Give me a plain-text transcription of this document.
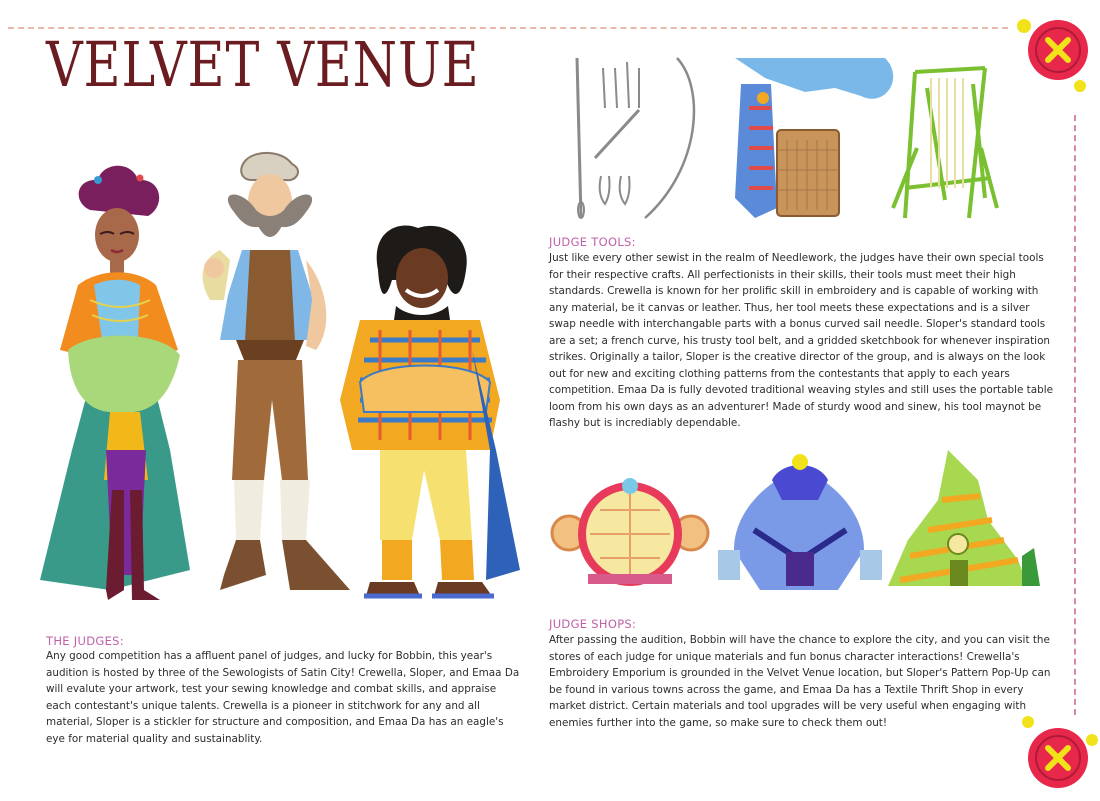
VELVET VENUE
JUDGE TOOLS:

Just like every other sewist in the realm of Needlework, the judges have their own special tools for their respective crafts. All perfectionists in their skills, their tools must meet their high standards. Crewella is known for her prolific skill in embroidery and is capable of working with any material, be it canvas or leather. Thus, her tool meets these expectations and is a silver swap needle with interchangable parts with a bonus curved sail needle. Sloper's standard tools are a set; a french curve, his trusty tool belt, and a gridded sketchbook for whenever inspiration strikes. Originally a tailor, Sloper is the creative director of the group, and is always on the look out for new and exciting clothing patterns from the contestants that apply to each years competition. Emaa Da is fully devoted traditional weaving styles and still uses the portable table loom from his own days as an adventurer! Made of sturdy wood and sinew, his tool maynot be flashy but is incrediably dependable.

JUDGE SHOPS:

After passing the audition, Bobbin will have the chance to explore the city, and you can visit the stores of each judge for unique materials and fun bonus character interactions! Crewella's Embroidery Emporium is grounded in the Velvet Venue location, but Sloper's Pattern Pop-Up can be found in various towns across the game, and Emaa Da has a Textile Thrift Shop in every market district. Certain materials and tool upgrades will be very useful when engaging with enemies further into the game, so make sure to check them out!

THE JUDGES:

Any good competition has a affluent panel of judges, and lucky for Bobbin, this year's audition is hosted by three of the Sewologists of Satin City! Crewella, Sloper, and Emaa Da will evalute your artwork, test your sewing knowledge and combat skills, and appraise each contestant's unique talents. Crewella is a pioneer in stitchwork for any and all material, Sloper is a stickler for structure and composition, and Emaa Da has an eagle's eye for material quality and sustainablity.
